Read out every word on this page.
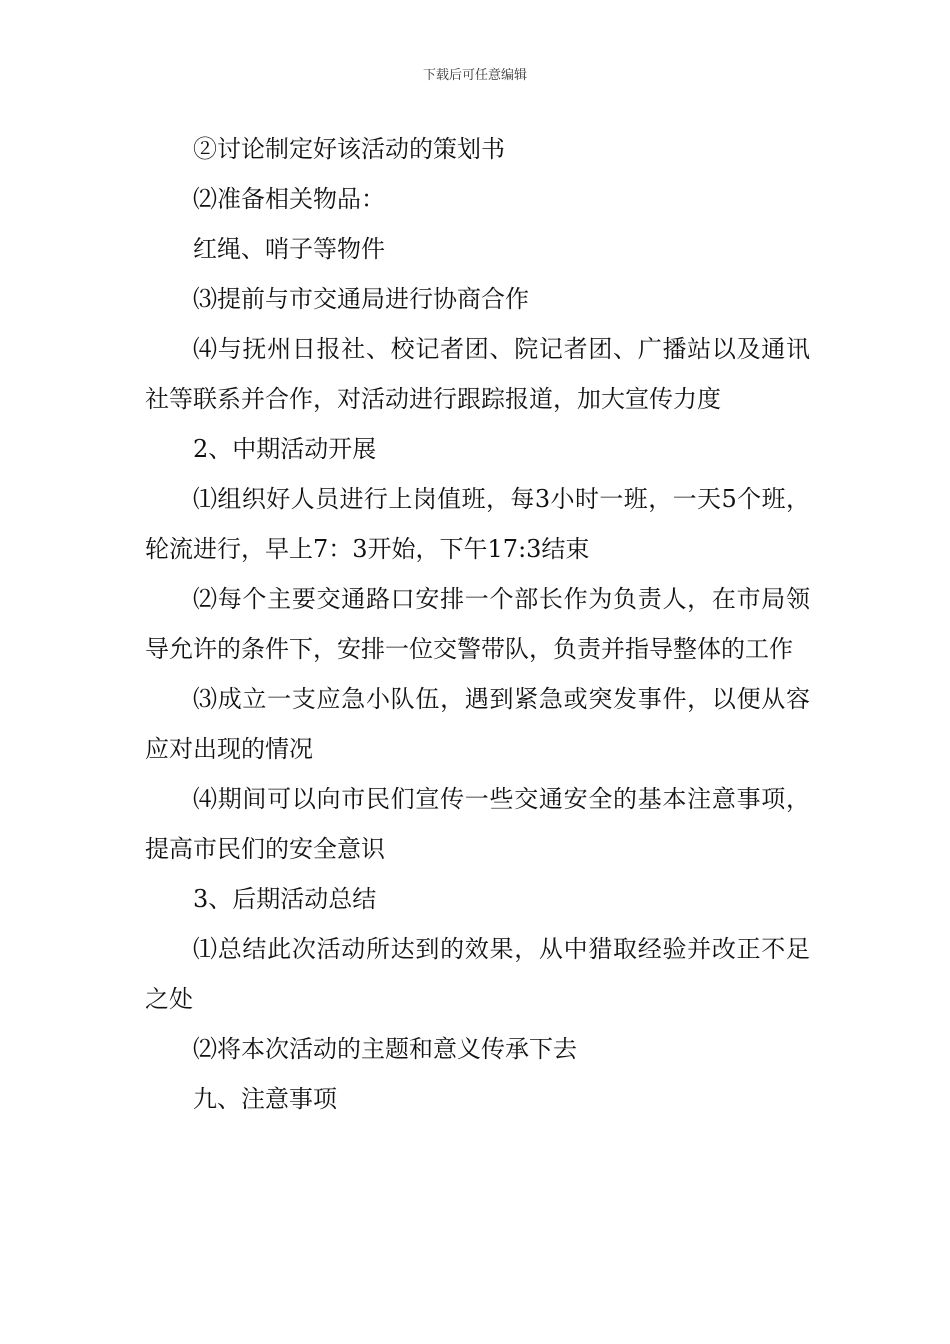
下载后可任意编辑

②讨论制定好该活动的策划书

⑵准备相关物品：

红绳、哨子等物件

⑶提前与市交通局进行协商合作

⑷与抚州日报社、校记者团、院记者团、广播站以及通讯社等联系并合作，对活动进行跟踪报道，加大宣传力度

2、中期活动开展

⑴组织好人员进行上岗值班，每3小时一班，一天5个班，轮流进行，早上7：3开始，下午17:3结束

⑵每个主要交通路口安排一个部长作为负责人，在市局领导允许的条件下，安排一位交警带队，负责并指导整体的工作

⑶成立一支应急小队伍，遇到紧急或突发事件，以便从容应对出现的情况

⑷期间可以向市民们宣传一些交通安全的基本注意事项，提高市民们的安全意识

3、后期活动总结

⑴总结此次活动所达到的效果，从中猎取经验并改正不足之处

⑵将本次活动的主题和意义传承下去

九、注意事项
